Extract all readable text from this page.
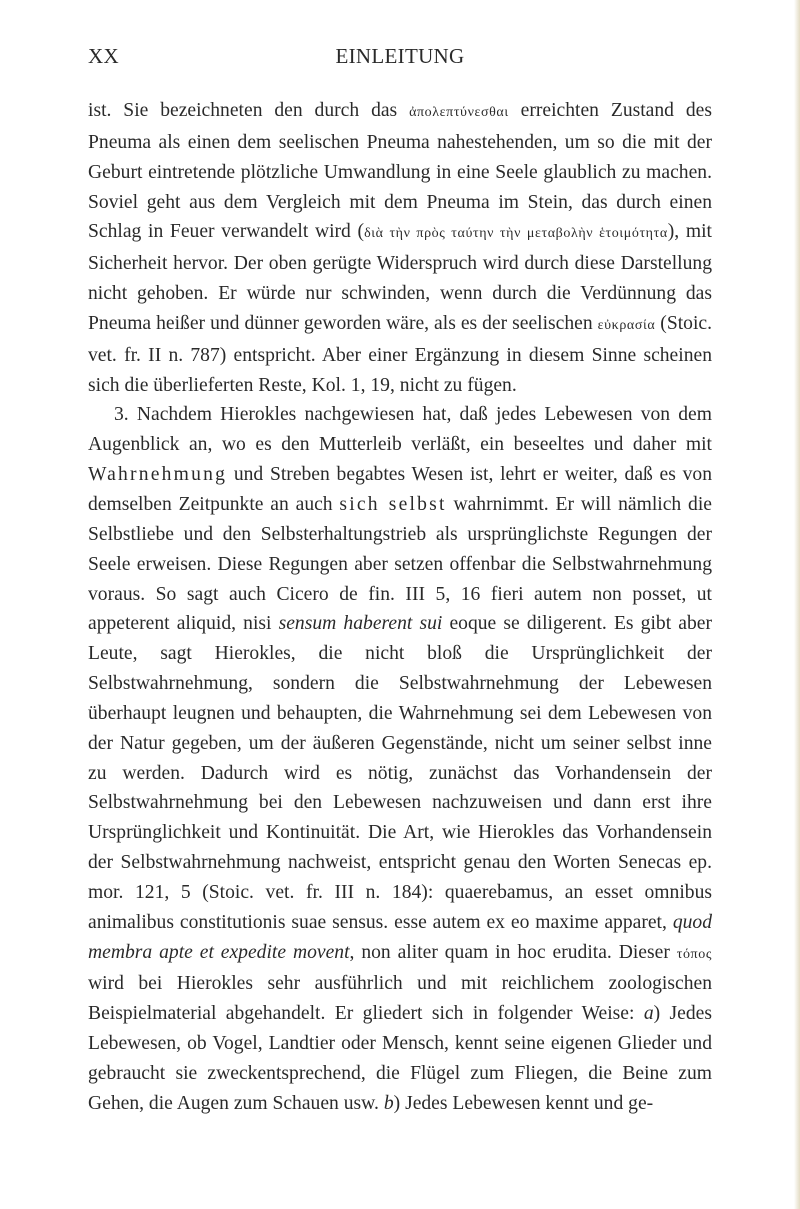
XX	EINLEITUNG

ist. Sie bezeichneten den durch das ἀπολεπτύνεσθαι erreichten Zustand des Pneuma als einen dem seelischen Pneuma nahestehenden, um so die mit der Geburt eintretende plötzliche Umwandlung in eine Seele glaublich zu machen. Soviel geht aus dem Vergleich mit dem Pneuma im Stein, das durch einen Schlag in Feuer verwandelt wird (διὰ τὴν πρὸς ταύτην τὴν μεταβολὴν ἑτοιμότητα), mit Sicherheit hervor. Der oben gerügte Widerspruch wird durch diese Darstellung nicht gehoben. Er würde nur schwinden, wenn durch die Verdünnung das Pneuma heißer und dünner geworden wäre, als es der seelischen εὐκρασία (Stoic. vet. fr. II n. 787) entspricht. Aber einer Ergänzung in diesem Sinne scheinen sich die überlieferten Reste, Kol. 1, 19, nicht zu fügen.

3. Nachdem Hierokles nachgewiesen hat, daß jedes Lebewesen von dem Augenblick an, wo es den Mutterleib verläßt, ein beseeltes und daher mit Wahrnehmung und Streben begabtes Wesen ist, lehrt er weiter, daß es von demselben Zeitpunkte an auch sich selbst wahrnimmt. Er will nämlich die Selbstliebe und den Selbsterhaltungstrieb als ursprünglichste Regungen der Seele erweisen. Diese Regungen aber setzen offenbar die Selbstwahrnehmung voraus. So sagt auch Cicero de fin. III 5, 16 fieri autem non posset, ut appeterent aliquid, nisi sensum haberent sui eoque se diligerent. Es gibt aber Leute, sagt Hierokles, die nicht bloß die Ursprünglichkeit der Selbstwahrnehmung, sondern die Selbstwahrnehmung der Lebewesen überhaupt leugnen und behaupten, die Wahrnehmung sei dem Lebewesen von der Natur gegeben, um der äußeren Gegenstände, nicht um seiner selbst inne zu werden. Dadurch wird es nötig, zunächst das Vorhandensein der Selbstwahrnehmung bei den Lebewesen nachzuweisen und dann erst ihre Ursprünglichkeit und Kontinuität. Die Art, wie Hierokles das Vorhandensein der Selbstwahrnehmung nachweist, entspricht genau den Worten Senecas ep. mor. 121, 5 (Stoic. vet. fr. III n. 184): quaerebamus, an esset omnibus animalibus constitutionis suae sensus. esse autem ex eo maxime apparet, quod membra apte et expedite movent, non aliter quam in hoc erudita. Dieser τόπος wird bei Hierokles sehr ausführlich und mit reichlichem zoologischen Beispielmaterial abgehandelt. Er gliedert sich in folgender Weise: a) Jedes Lebewesen, ob Vogel, Landtier oder Mensch, kennt seine eigenen Glieder und gebraucht sie zweckentsprechend, die Flügel zum Fliegen, die Beine zum Gehen, die Augen zum Schauen usw. b) Jedes Lebewesen kennt und ge-
